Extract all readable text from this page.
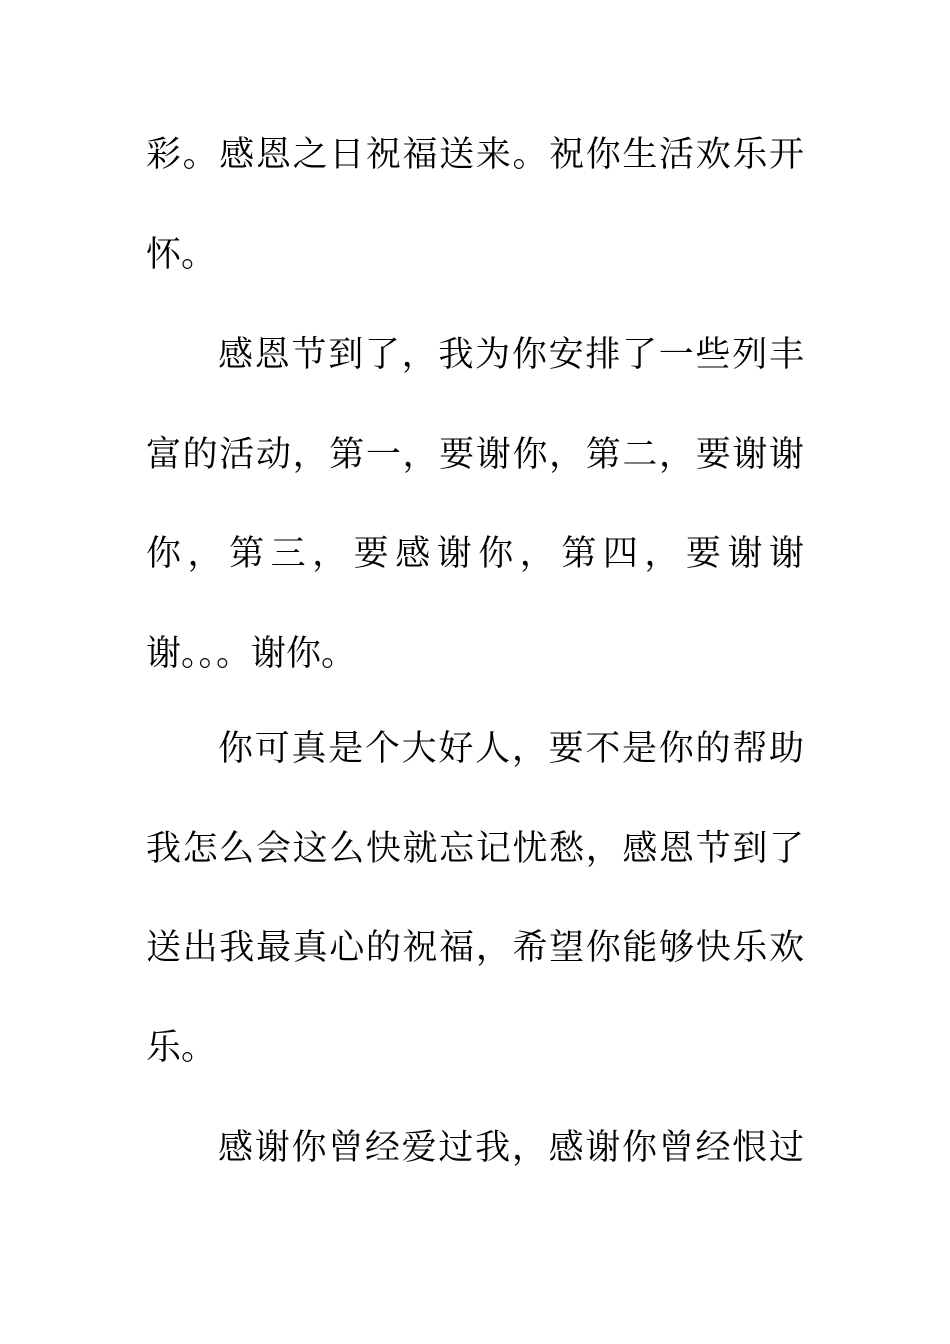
彩。感恩之日祝福送来。祝你生活欢乐开
怀。
感恩节到了，我为你安排了一些列丰
富的活动，第一，要谢你，第二，要谢谢
你，第三，要感谢你，第四，要谢谢
谢。。。谢你。
你可真是个大好人，要不是你的帮助
我怎么会这么快就忘记忧愁，感恩节到了
送出我最真心的祝福，希望你能够快乐欢
乐。
感谢你曾经爱过我，感谢你曾经恨过
